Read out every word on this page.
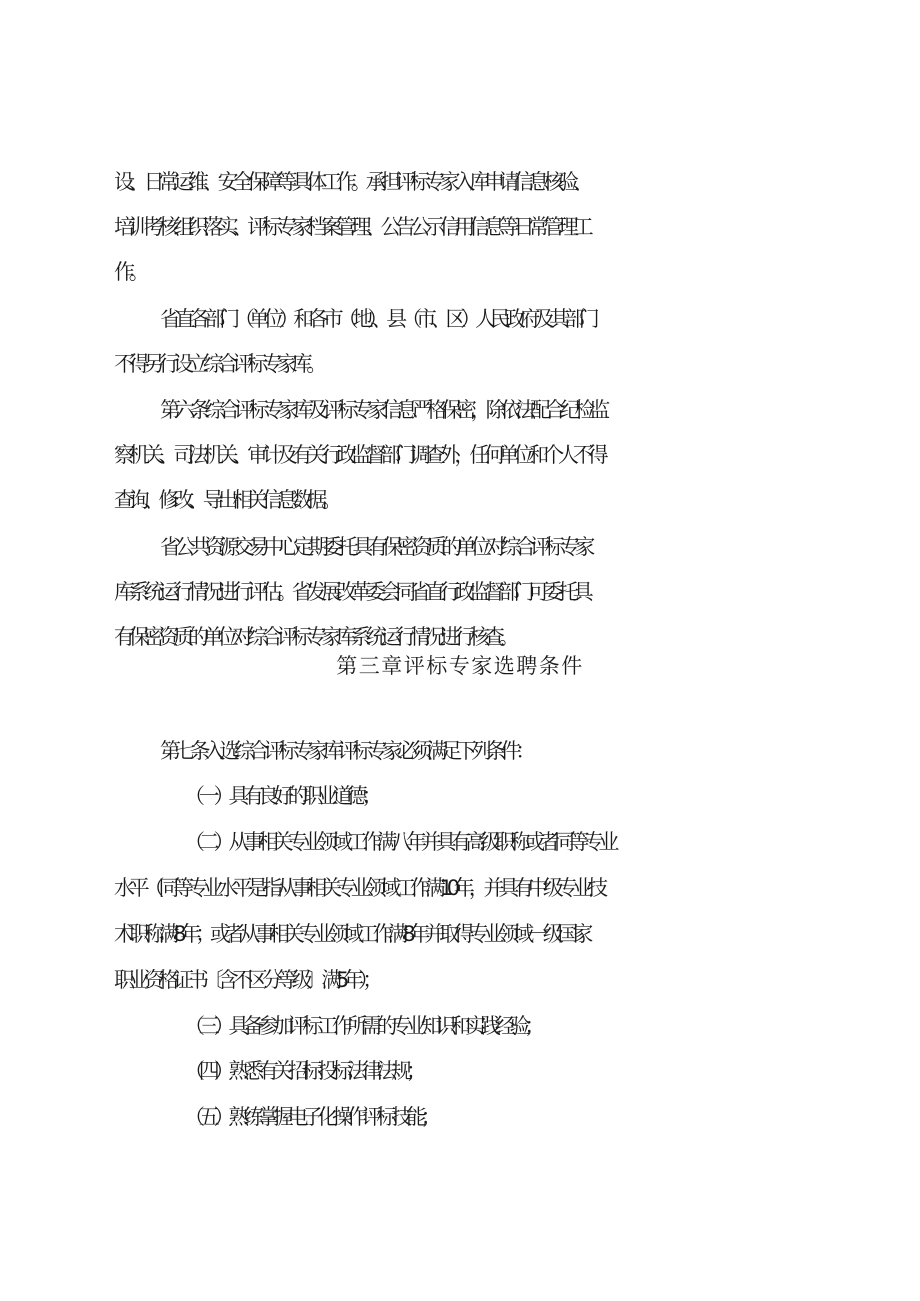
设、日常运维、安全保障等具体工作。承担评标专家入库申请信息核验、

培训考核组织落实、评标专家档案管理、公告公示信用信息等日常管理工

作。

省直各部门（单位）和各市（地）、县（市、区）人民政府及其部门

不得另行设立综合评标专家库。

第六条综合评标专家库及评标专家信息严格保密，除依法配合纪检监

察机关、司法机关、审计及有关行政监督部门调查外，任何单位和个人不得

查询、修改、导出相关信息数据。

省公共资源交易中心定期委托具有保密资质的单位对综合评标专家

库系统运行情况进行评估。省发展改革委会同省直行政监督部门可委托具

有保密资质的单位对综合评标专家库系统运行情况进行核查。

第三章评标专家选聘条件

第七条入选综合评标专家库评标专家必须满足下列条件：

（一）具有良好的职业道德；

（二）从事相关专业领域工作满八年并具有高级职称或者同等专业

水平（同等专业水平是指从事相关专业领域工作满10年，并具有中级专业技

术职称满8年；或者从事相关专业领域工作满8年并取得专业领域一级国家

职业资格证书〔含不区分等级〕满5年）；

（三）具备参加评标工作所需的专业知识和实践经验；

（四）熟悉有关招标投标法律法规；

（五）熟练掌握电子化操作评标技能；
